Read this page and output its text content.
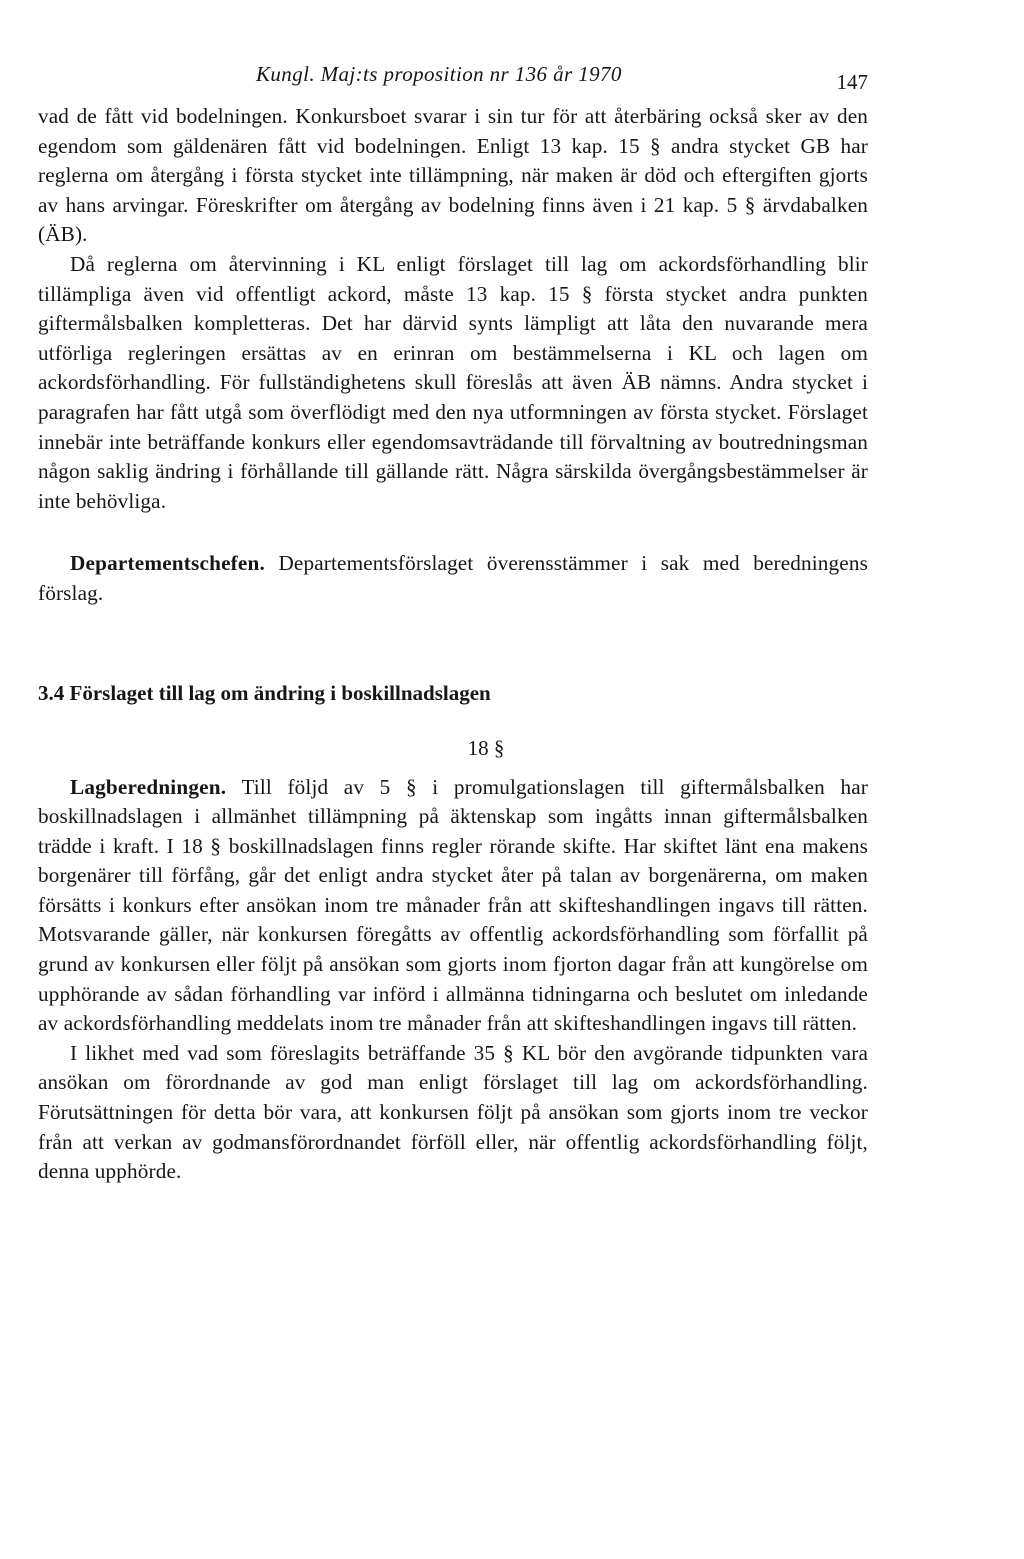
Kungl. Maj:ts proposition nr 136 år 1970	147

vad de fått vid bodelningen. Konkursboet svarar i sin tur för att återbäring också sker av den egendom som gäldenären fått vid bodelningen. Enligt 13 kap. 15 § andra stycket GB har reglerna om återgång i första stycket inte tillämpning, när maken är död och eftergiften gjorts av hans arvingar. Föreskrifter om återgång av bodelning finns även i 21 kap. 5 § ärvdabalken (ÄB).

Då reglerna om återvinning i KL enligt förslaget till lag om ackordsförhandling blir tillämpliga även vid offentligt ackord, måste 13 kap. 15 § första stycket andra punkten giftermålsbalken kompletteras. Det har därvid synts lämpligt att låta den nuvarande mera utförliga regleringen ersättas av en erinran om bestämmelserna i KL och lagen om ackordsförhandling. För fullständighetens skull föreslås att även ÄB nämns. Andra stycket i paragrafen har fått utgå som överflödigt med den nya utformningen av första stycket. Förslaget innebär inte beträffande konkurs eller egendomsavträdande till förvaltning av boutredningsman någon saklig ändring i förhållande till gällande rätt. Några särskilda övergångsbestämmelser är inte behövliga.

Departementschefen. Departementsförslaget överensstämmer i sak med beredningens förslag.

3.4 Förslaget till lag om ändring i boskillnadslagen
18 §

Lagberedningen. Till följd av 5 § i promulgationslagen till giftermålsbalken har boskillnadslagen i allmänhet tillämpning på äktenskap som ingåtts innan giftermålsbalken trädde i kraft. I 18 § boskillnadslagen finns regler rörande skifte. Har skiftet länt ena makens borgenärer till förfång, går det enligt andra stycket åter på talan av borgenärerna, om maken försätts i konkurs efter ansökan inom tre månader från att skifteshandlingen ingavs till rätten. Motsvarande gäller, när konkursen föregåtts av offentlig ackordsförhandling som förfallit på grund av konkursen eller följt på ansökan som gjorts inom fjorton dagar från att kungörelse om upphörande av sådan förhandling var införd i allmänna tidningarna och beslutet om inledande av ackordsförhandling meddelats inom tre månader från att skifteshandlingen ingavs till rätten.

I likhet med vad som föreslagits beträffande 35 § KL bör den avgörande tidpunkten vara ansökan om förordnande av god man enligt förslaget till lag om ackordsförhandling. Förutsättningen för detta bör vara, att konkursen följt på ansökan som gjorts inom tre veckor från att verkan av godmansförordnandet förföll eller, när offentlig ackordsförhandling följt, denna upphörde.
